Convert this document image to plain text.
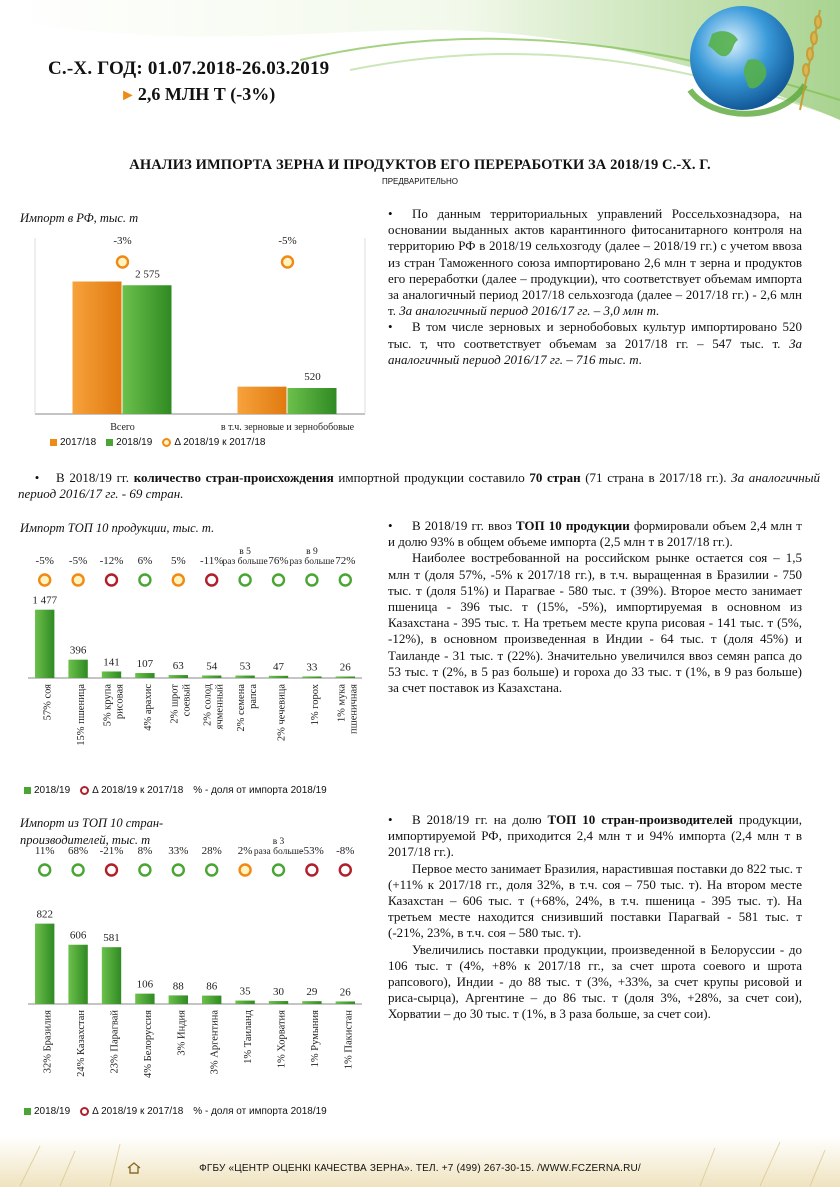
С.-Х. ГОД: 01.07.2018-26.03.2019
► 2,6 МЛН Т (-3%)
АНАЛИЗ ИМПОРТА ЗЕРНА И ПРОДУКТОВ ЕГО ПЕРЕРАБОТКИ ЗА 2018/19 С.-Х. Г.
ПРЕДВАРИТЕЛЬНО
Импорт в РФ, тыс. т
2 575
-3%
Всего
520
-5%
в т.ч. зерновые и зернобобовые
2017/18	2018/19	Δ 2018/19 к 2017/18

• По данным территориальных управлений Россельхознадзора, на основании выданных актов карантинного фитосанитарного контроля на территорию РФ в 2018/19 сельхозгоду (далее – 2018/19 гг.) с учетом ввоза из стран Таможенного союза импортировано 2,6 млн т зерна и продуктов его переработки (далее – продукции), что соответствует объемам импорта за аналогичный период 2017/18 сельхозгода (далее – 2017/18 гг.) - 2,6 млн т. За аналогичный период 2016/17 гг. – 3,0 млн т.

• В том числе зерновых и зернобобовых культур импортировано 520 тыс. т, что соответствует объемам за 2017/18 гг. – 547 тыс. т. За аналогичный период 2016/17 гг. – 716 тыс. т.

• В 2018/19 гг. количество стран-происхождения импортной продукции составило 70 стран (71 страна в 2017/18 гг.). За аналогичный период 2016/17 гг. - 69 стран.
Импорт ТОП 10 продукции, тыс. т.
1 477
-5%
57% соя
396
-5%
15% пшеница
141
-12%
5% крупа рисовая
107
6%
4% арахис
63
5%
2% шрот соевый
54
-11%
2% солод ячменный
53
в 5
раз больше
2% семена рапса
47
76%
2% чечевица
33
в 9
раз больше
1% горох
26
72%
1% мука пшеничная
2018/19	Δ 2018/19 к 2017/18 % - доля от импорта 2018/19

• В 2018/19 гг. ввоз ТОП 10 продукции формировали объем 2,4 млн т и долю 93% в общем объеме импорта (2,5 млн т в 2017/18 гг.).

Наиболее востребованной на российском рынке остается соя – 1,5 млн т (доля 57%, -5% к 2017/18 гг.), в т.ч. выращенная в Бразилии - 750 тыс. т (доля 51%) и Парагвае - 580 тыс. т (39%). Второе место занимает пшеница - 396 тыс. т (15%, -5%), импортируемая в основном из Казахстана - 395 тыс. т. На третьем месте крупа рисовая - 141 тыс. т (5%, -12%), в основном произведенная в Индии - 64 тыс. т (доля 45%) и Таиланде - 31 тыс. т (22%). Значительно увеличился ввоз семян рапса до 53 тыс. т (2%, в 5 раз больше) и гороха до 33 тыс. т (1%, в 9 раз больше) за счет поставок из Казахстана.

Импорт из ТОП 10 стран-производителей, тыс. т
822
11%
32% Бразилия
606
68%
24% Казахстан
581
-21%
23% Парагвай
106
8%
4% Белоруссия
88
33%
3% Индия
86
28%
3% Аргентина
35
2%
1% Таиланд
30
в 3
раза больше
1% Хорватия
29
-53%
1% Румыния
26
-8%
1% Пакистан
2018/19	Δ 2018/19 к 2017/18 % - доля от импорта 2018/19

• В 2018/19 гг. на долю ТОП 10 стран-производителей продукции, импортируемой РФ, приходится 2,4 млн т и 94% импорта (2,4 млн т в 2017/18 гг.).

Первое место занимает Бразилия, нарастившая поставки до 822 тыс. т (+11% к 2017/18 гг., доля 32%, в т.ч. соя – 750 тыс. т). На втором месте Казахстан – 606 тыс. т (+68%, 24%, в т.ч. пшеница - 395 тыс. т). На третьем месте находится снизивший поставки Парагвай - 581 тыс. т (-21%, 23%, в т.ч. соя – 580 тыс. т).

Увеличились поставки продукции, произведенной в Белоруссии - до 106 тыс. т (4%, +8% к 2017/18 гг., за счет шрота соевого и шрота рапсового), Индии - до 88 тыс. т (3%, +33%, за счет крупы рисовой и риса-сырца), Аргентине – до 86 тыс. т (доля 3%, +28%, за счет сои), Хорватии – до 30 тыс. т (1%, в 3 раза больше, за счет сои).

ФГБУ «ЦЕНТР ОЦЕНКІ КАЧЕСТВА ЗЕРНА». ТЕЛ. +7 (499) 267-30-15. /WWW.FCZERNA.RU/
